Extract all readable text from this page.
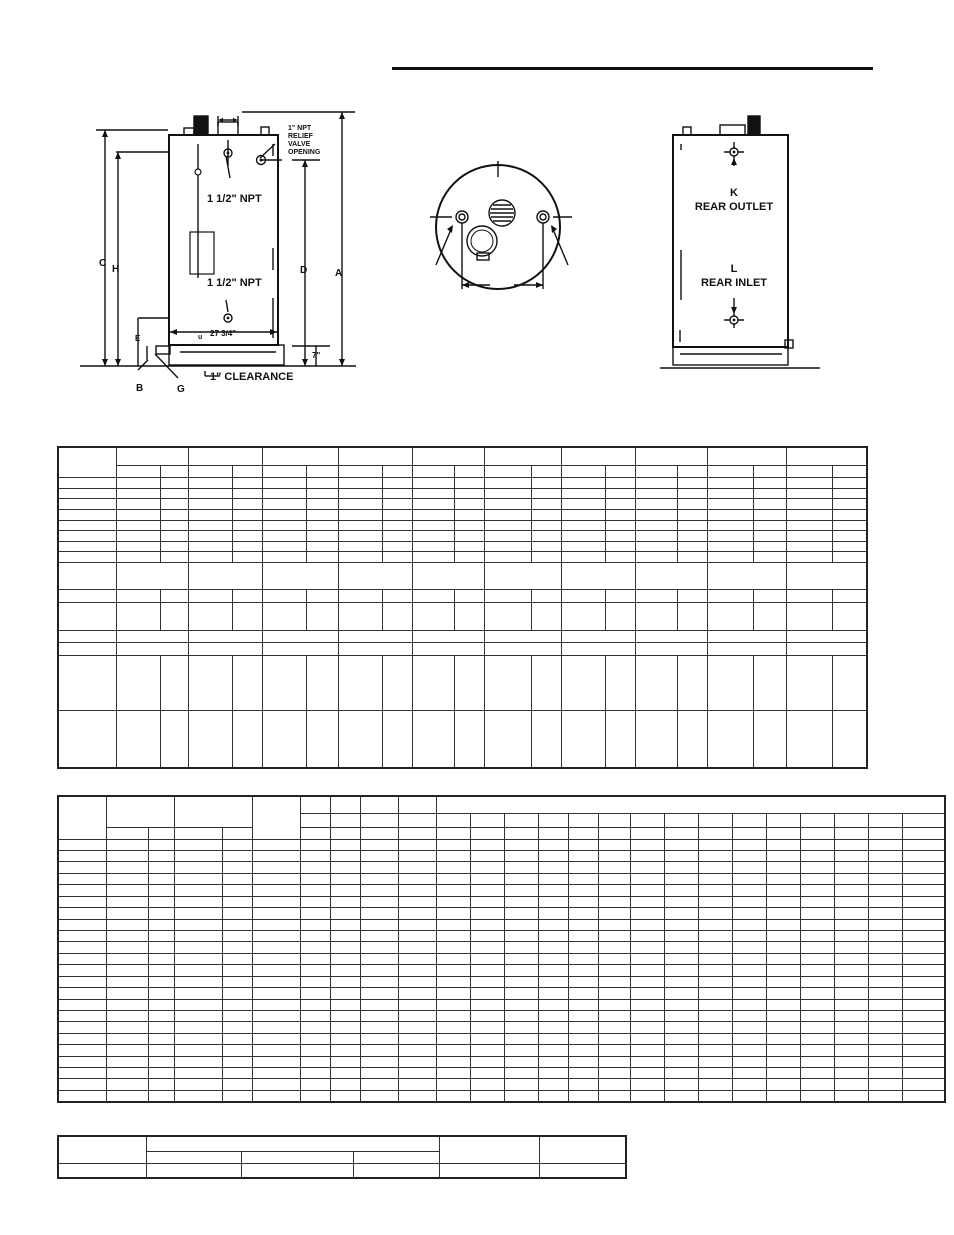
1" NPT
RELIEF
VALVE
OPENING
1 1/2" NPT
1 1/2" NPT
27 3/4"
u
1" CLEARANCE
7"
C
H	D	A
E
B	G
K
REAR OUTLET
L
REAR INLET
